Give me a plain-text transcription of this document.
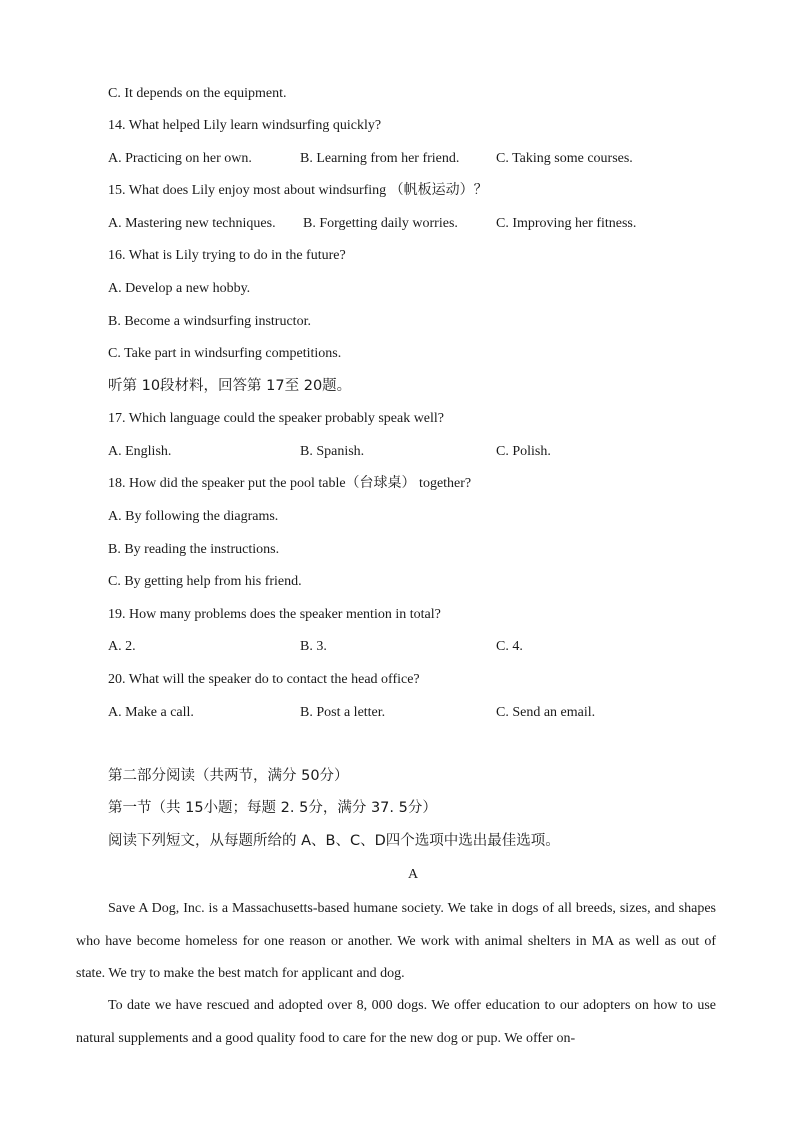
C. It depends on the equipment.
14. What helped Lily learn windsurfing quickly?
A. Practicing on her own.	B. Learning from her friend.	C. Taking some courses.
15. What does Lily enjoy most about windsurfing （帆板运动）？
A. Mastering new techniques. B. Forgetting daily worries.	C. Improving her fitness.
16. What is Lily trying to do in the future?
A. Develop a new hobby.
B. Become a windsurfing instructor.
C. Take part in windsurfing competitions.
听第 10段材料，回答第 17至 20题。
17. Which language could the speaker probably speak well?
A. English.	B. Spanish.	C. Polish.
18. How did the speaker put the pool table（台球桌） together?
A. By following the diagrams.
B. By reading the instructions.
C. By getting help from his friend.
19. How many problems does the speaker mention in total?
A. 2.	B. 3.	C. 4.
20. What will the speaker do to contact the head office?
A. Make a call.	B. Post a letter.	C. Send an email.
第二部分阅读（共两节，满分 50分）
第一节（共 15小题；每题 2. 5分，满分 37. 5分）
阅读下列短文，从每题所给的 A、B、C、D四个选项中选出最佳选项。
A
Save A Dog, Inc. is a Massachusetts-based humane society. We take in dogs of all breeds, sizes, and shapes who have become homeless for one reason or another. We work with animal shelters in MA as well as out of state. We try to make the best match for applicant and dog.
To date we have rescued and adopted over 8, 000 dogs. We offer education to our adopters on how to use natural supplements and a good quality food to care for the new dog or pup. We offer on-
